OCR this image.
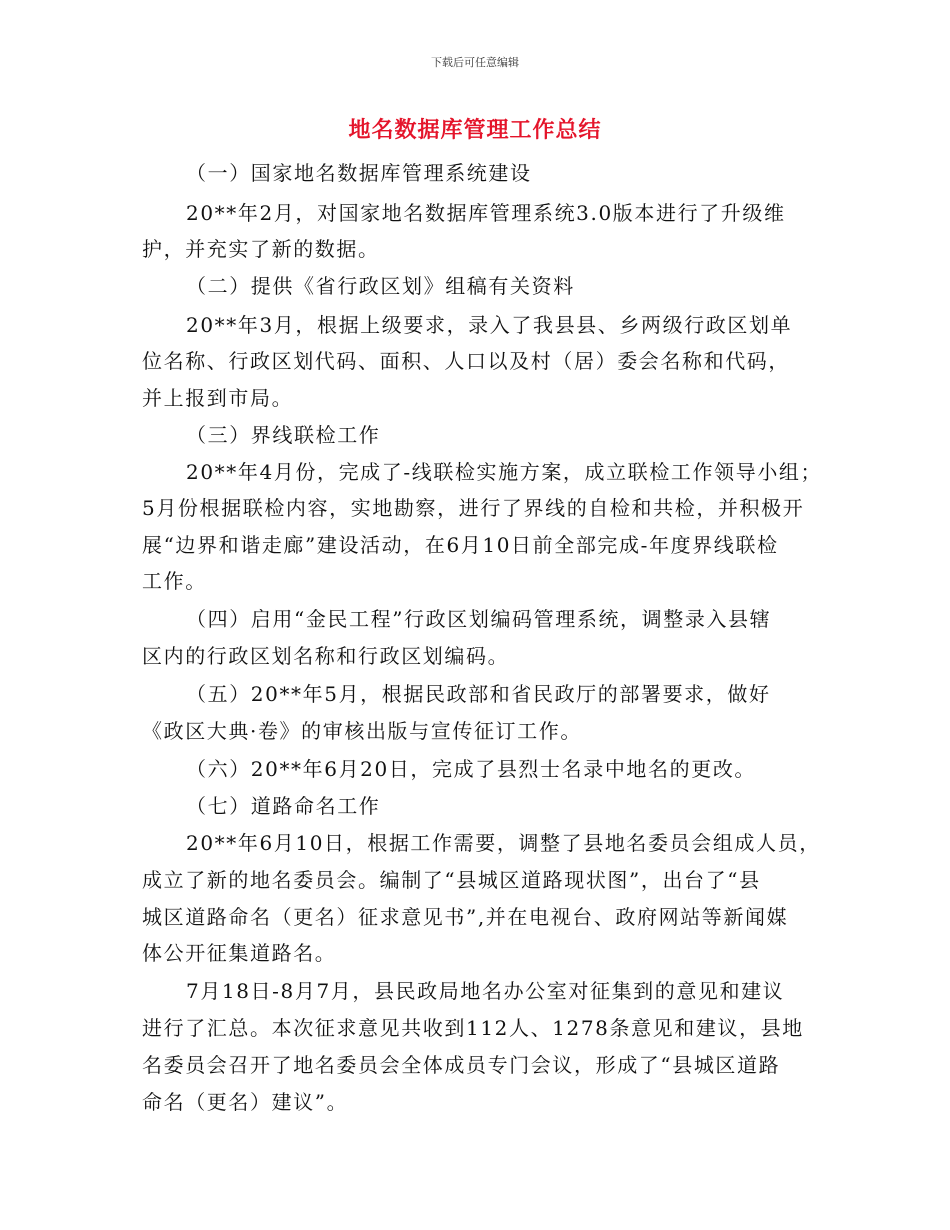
下载后可任意编辑
地名数据库管理工作总结
（一）国家地名数据库管理系统建设
20**年2月，对国家地名数据库管理系统3.0版本进行了升级维
护，并充实了新的数据。
（二）提供《省行政区划》组稿有关资料
20**年3月，根据上级要求，录入了我县县、乡两级行政区划单
位名称、行政区划代码、面积、人口以及村（居）委会名称和代码，
并上报到市局。
（三）界线联检工作
20**年4月份，完成了-线联检实施方案，成立联检工作领导小组；
5月份根据联检内容，实地勘察，进行了界线的自检和共检，并积极开
展“边界和谐走廊”建设活动，在6月10日前全部完成-年度界线联检
工作。
（四）启用“金民工程”行政区划编码管理系统，调整录入县辖
区内的行政区划名称和行政区划编码。
（五）20**年5月，根据民政部和省民政厅的部署要求，做好
《政区大典·卷》的审核出版与宣传征订工作。
（六）20**年6月20日，完成了县烈士名录中地名的更改。
（七）道路命名工作
20**年6月10日，根据工作需要，调整了县地名委员会组成人员，
成立了新的地名委员会。编制了“县城区道路现状图”，出台了“县
城区道路命名（更名）征求意见书”,并在电视台、政府网站等新闻媒
体公开征集道路名。
7月18日-8月7月，县民政局地名办公室对征集到的意见和建议
进行了汇总。本次征求意见共收到112人、1278条意见和建议，县地
名委员会召开了地名委员会全体成员专门会议，形成了“县城区道路
命名（更名）建议”。
